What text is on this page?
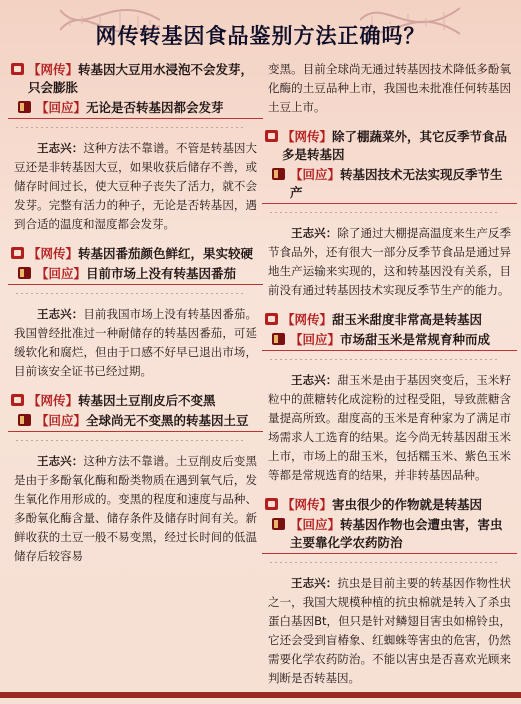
网传转基因食品鉴别方法正确吗？
【网传】转基因大豆用水浸泡不会发芽，只会膨胀
【回应】无论是否转基因都会发芽

王志兴：这种方法不靠谱。不管是转基因大豆还是非转基因大豆，如果收获后储存不善，或储存时间过长，使大豆种子丧失了活力，就不会发芽。完整有活力的种子，无论是否转基因，遇到合适的温度和湿度都会发芽。

【网传】转基因番茄颜色鲜红，果实较硬
【回应】目前市场上没有转基因番茄

王志兴：目前我国市场上没有转基因番茄。我国曾经批准过一种耐储存的转基因番茄，可延缓软化和腐烂，但由于口感不好早已退出市场，目前该安全证书已经过期。

【网传】转基因土豆削皮后不变黑
【回应】全球尚无不变黑的转基因土豆

王志兴：这种方法不靠谱。土豆削皮后变黑是由于多酚氧化酶和酚类物质在遇到氧气后，发生氧化作用形成的。变黑的程度和速度与品种、多酚氧化酶含量、储存条件及储存时间有关。新鲜收获的土豆一般不易变黑，经过长时间的低温储存后较容易

变黑。目前全球尚无通过转基因技术降低多酚氧化酶的土豆品种上市，我国也未批准任何转基因土豆上市。

【网传】除了棚蔬菜外，其它反季节食品多是转基因
【回应】转基因技术无法实现反季节生产

王志兴：除了通过大棚提高温度来生产反季节食品外，还有很大一部分反季节食品是通过异地生产运输来实现的，这和转基因没有关系，目前没有通过转基因技术实现反季节生产的能力。

【网传】甜玉米甜度非常高是转基因
【回应】市场甜玉米是常规育种而成

王志兴：甜玉米是由于基因突变后，玉米籽粒中的蔗糖转化成淀粉的过程受阻，导致蔗糖含量提高所致。甜度高的玉米是育种家为了满足市场需求人工选育的结果。迄今尚无转基因甜玉米上市，市场上的甜玉米，包括糯玉米、紫色玉米等都是常规选育的结果，并非转基因品种。

【网传】害虫很少的作物就是转基因
【回应】转基因作物也会遭虫害，害虫主要靠化学农药防治

王志兴：抗虫是目前主要的转基因作物性状之一，我国大规模种植的抗虫棉就是转入了杀虫蛋白基因Bt，但只是针对鳞翅目害虫如棉铃虫，它还会受到盲椿象、红蜘蛛等害虫的危害，仍然需要化学农药防治。不能以害虫是否喜欢光顾来判断是否转基因。
